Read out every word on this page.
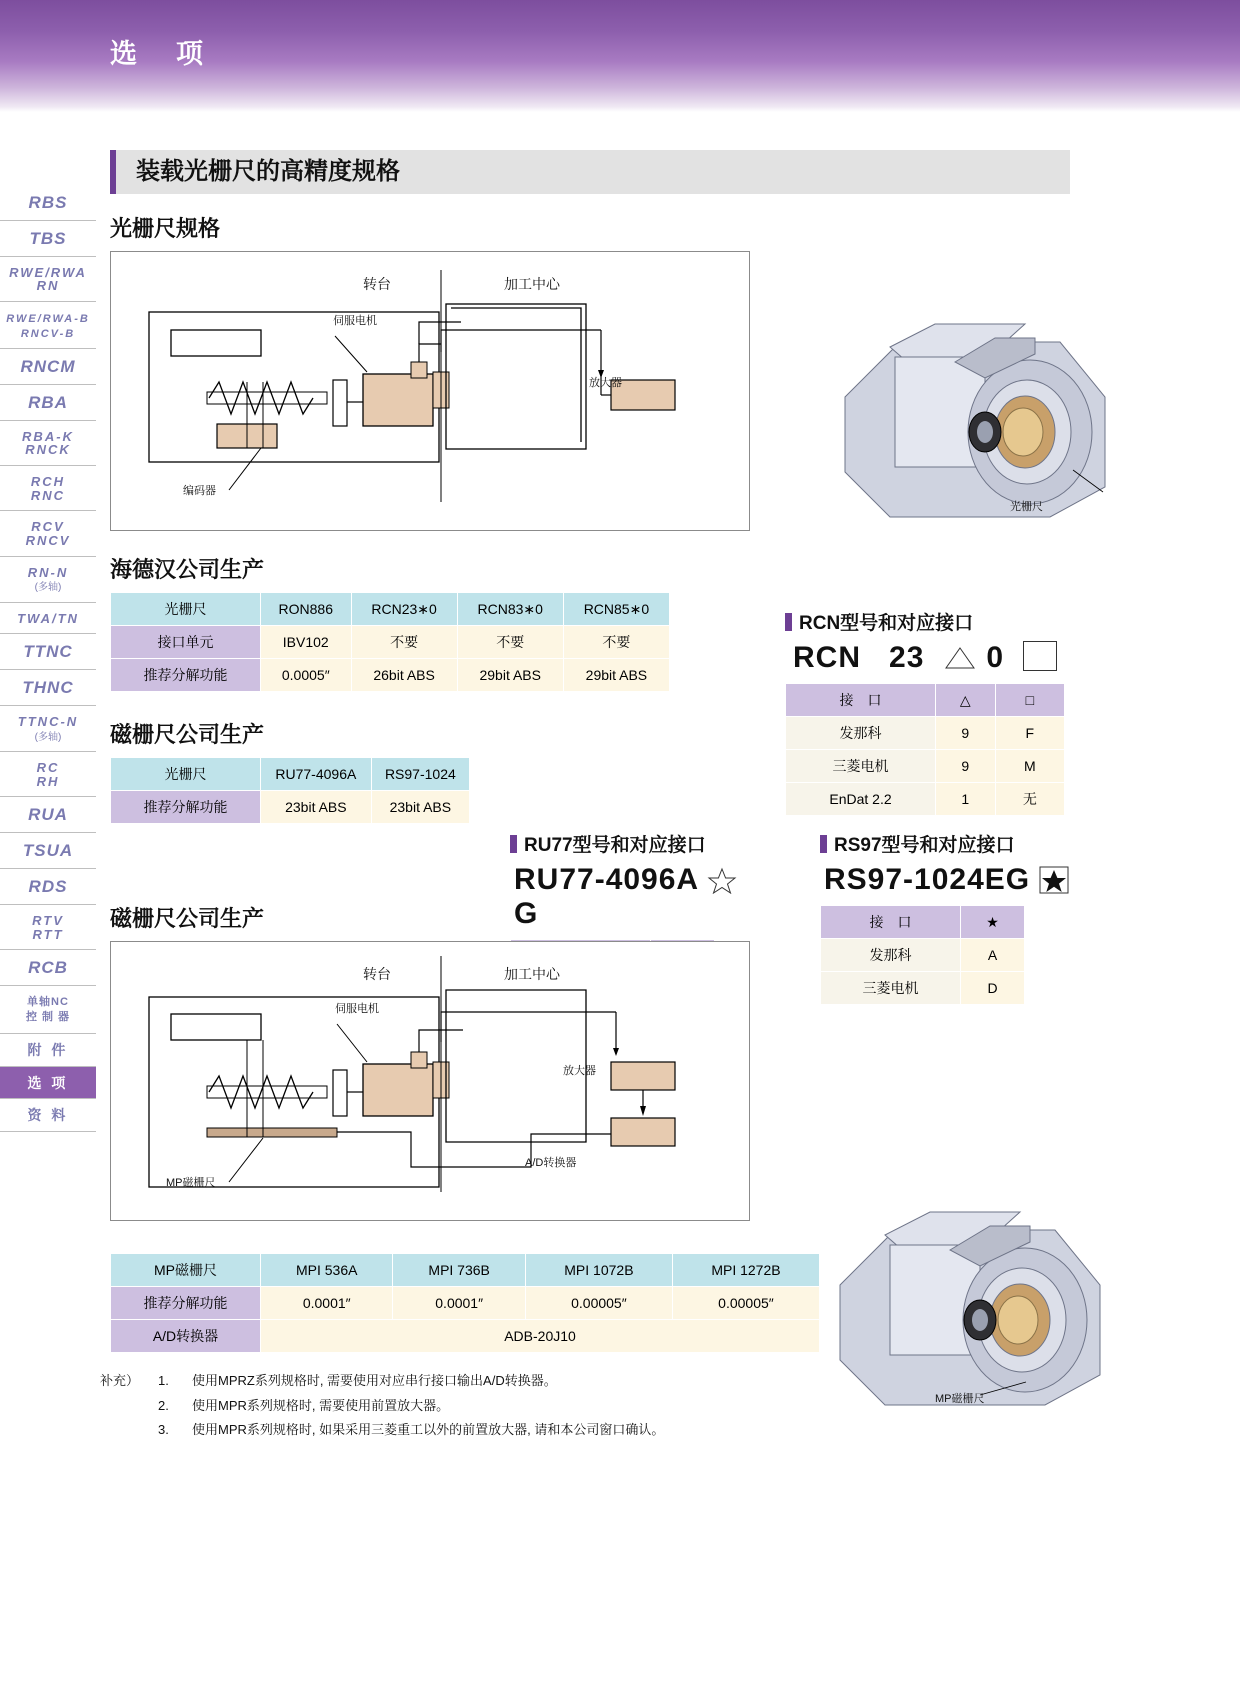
选　项
RBS
TBS
RWE/RWA
RN
RWE/RWA-B
RNCV-B
RNCM
RBA
RBA-K
RNCK
RCH
RNC
RCV
RNCV
RN-N
(多轴)
TWA/TN
TTNC
THNC
TTNC-N
(多轴)
RC
RH
RUA
TSUA
RDS
RTV
RTT
RCB
单轴NC
控 制 器
附 件
选 项
资 料
装载光栅尺的高精度规格
光栅尺规格
转台	加工中心
伺服电机
放大器
编码器
光栅尺
海德汉公司生产
光栅尺	RON886	RCN23∗0	RCN83∗0	RCN85∗0
接口单元	IBV102	不要	不要	不要
推荐分解功能	0.0005″	26bit ABS	29bit ABS	29bit ABS
RCN型号和对应接口
RCN 23 0
接　口	△	□
发那科	9	F
三菱电机	9	M
EnDat 2.2	1	无
磁栅尺公司生产
光栅尺	RU77-4096A	RS97-1024
推荐分解功能	23bit ABS	23bit ABS
RU77型号和对应接口
RU77-4096A  G

RS97型号和对应接口
RS97-1024EG
接　口	★
发那科	A
三菱电机	D
磁栅尺公司生产
转台	加工中心
伺服电机
放大器
A/D转换器
MP磁栅尺
MP磁栅尺
MP磁栅尺	MPI 536A	MPI 736B	MPI 1072B	MPI 1272B
推荐分解功能	0.0001″	0.0001″	0.00005″	0.00005″
A/D转换器	ADB-20J10			
补充）	1.	使用MPRZ系列规格时, 需要使用对应串行接口输出A/D转换器。
2.	使用MPR系列规格时, 需要使用前置放大器。
3.	使用MPR系列规格时, 如果采用三菱重工以外的前置放大器, 请和本公司窗口确认。
